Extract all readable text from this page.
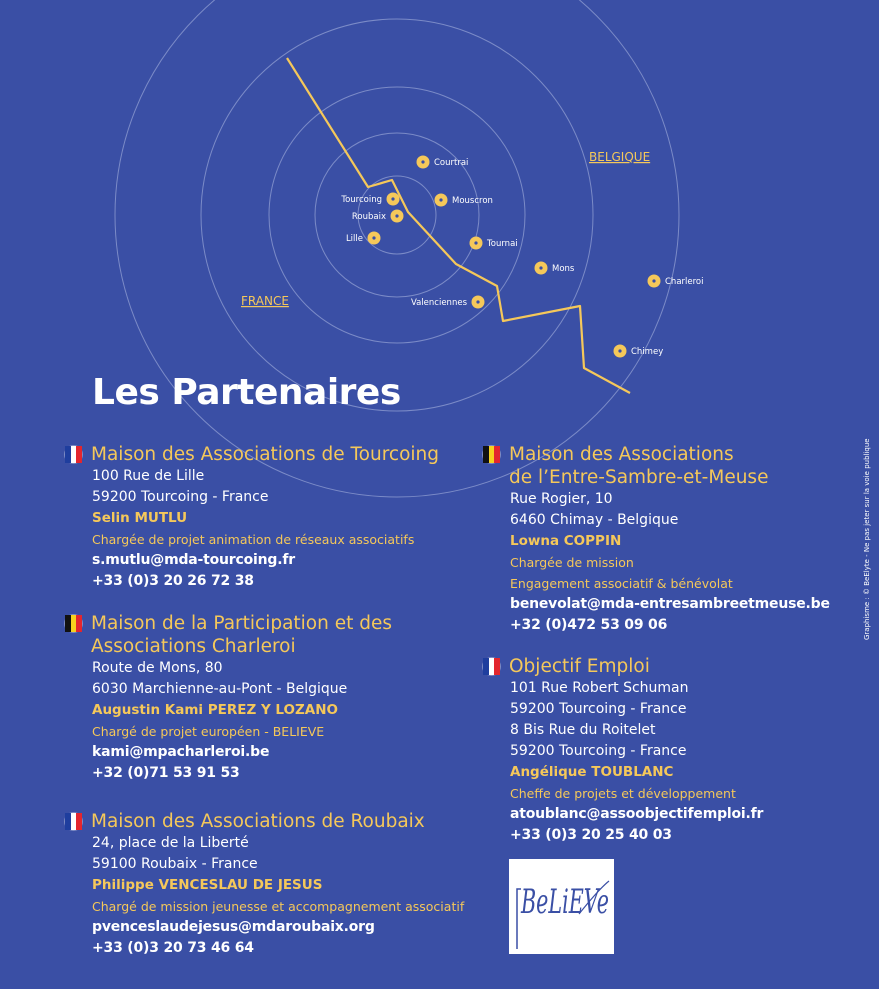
BELGIQUE
FRANCE
Courtrai
Tourcoing	Mouscron
Roubaix
Lille	Tournai
Mons
Charleroi
Valenciennes
Chimey
Les Partenaires
Maison des Associations de Tourcoing
100 Rue de Lille
59200 Tourcoing - France
Selin MUTLU
Chargée de projet animation de réseaux associatifs
s.mutlu@mda-tourcoing.fr
+33 (0)3 20 26 72 38
Maison de la Participation et des
Associations Charleroi
Route de Mons, 80
6030 Marchienne-au-Pont - Belgique
Augustin Kami PEREZ Y LOZANO
Chargé de projet européen - BELIEVE
kami@mpacharleroi.be
+32 (0)71 53 91 53
Maison des Associations de Roubaix
24, place de la Liberté
59100 Roubaix - France
Philippe VENCESLAU DE JESUS
Chargé de mission jeunesse et accompagnement associatif
pvenceslaudejesus@mdaroubaix.org
+33 (0)3 20 73 46 64
Maison des Associations
de l’Entre-Sambre-et-Meuse
Rue Rogier, 10
6460 Chimay - Belgique
Lowna COPPIN
Chargée de mission
Engagement associatif & bénévolat
benevolat@mda-entresambreetmeuse.be
+32 (0)472 53 09 06
Objectif Emploi
101 Rue Robert Schuman
59200 Tourcoing - France
8 Bis Rue du Roitelet
59200 Tourcoing - France
Angélique TOUBLANC
Cheffe de projets et développement
atoublanc@assoobjectifemploi.fr
+33 (0)3 20 25 40 03
Graphisme : © BeElyte - Ne pas jeter sur la voie publique
BeLiEVe
